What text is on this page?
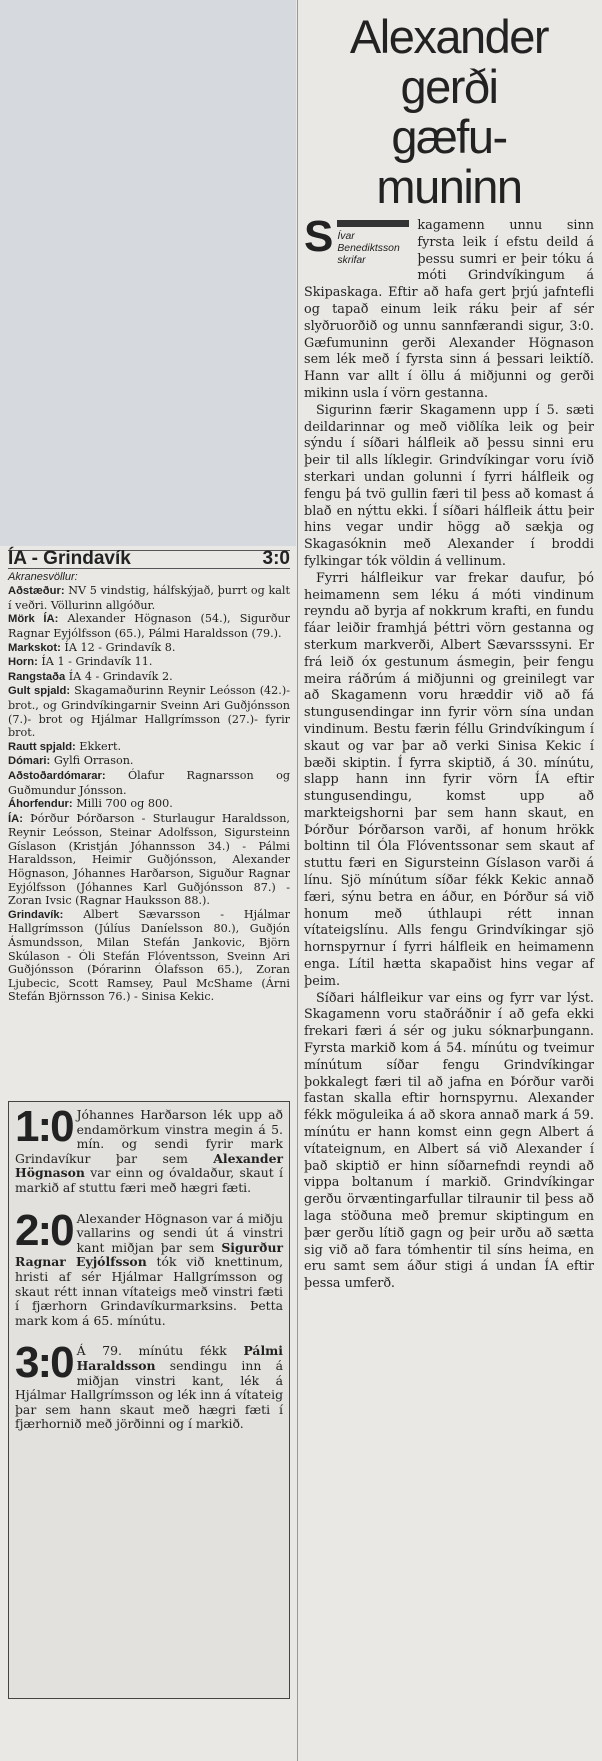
ÍA - Grindavík	3:0
Akranesvöllur:

Aðstæður: NV 5 vindstig, hálfskýjað, þurrt og kalt í veðri. Völlurinn allgóður.

Mörk ÍA: Alexander Högnason (54.), Sigurður Ragnar Eyjólfsson (65.), Pálmi Haraldsson (79.).

Markskot: ÍA 12 - Grindavík 8.

Horn: ÍA 1 - Grindavík 11.

Rangstaða ÍA 4 - Grindavík 2.

Gult spjald: Skagamaðurinn Reynir Leósson (42.)-brot., og Grindvíkingarnir Sveinn Ari Guðjónsson (7.)- brot og Hjálmar Hallgrímsson (27.)- fyrir brot.

Rautt spjald: Ekkert.

Dómari: Gylfi Orrason.

Aðstoðardómarar: Ólafur Ragnarsson og Guðmundur Jónsson.

Áhorfendur: Milli 700 og 800.

ÍA: Þórður Þórðarson - Sturlaugur Haraldsson, Reynir Leósson, Steinar Adolfsson, Sigursteinn Gíslason (Kristján Jóhannsson 34.) - Pálmi Haraldsson, Heimir Guðjónsson, Alexander Högnason, Jóhannes Harðarson, Siguður Ragnar Eyjólfsson (Jóhannes Karl Guðjónsson 87.) - Zoran Ivsic (Ragnar Hauksson 88.).

Grindavík: Albert Sævarsson - Hjálmar Hallgrímsson (Júlíus Daníelsson 80.), Guðjón Ásmundsson, Milan Stefán Jankovic, Björn Skúlason - Óli Stefán Flóventsson, Sveinn Ari Guðjónsson (Þórarinn Ólafsson 65.), Zoran Ljubecic, Scott Ramsey, Paul McShame (Árni Stefán Björnsson 76.) - Sinisa Kekic.

1:0 Jóhannes Harðarson lék upp að endamörkum vinstra megin á 5. mín. og sendi fyrir mark Grindavíkur þar sem Alexander Högnason var einn og óvaldaður, skaut í markið af stuttu færi með hægri fæti.

2:0 Alexander Högnason var á miðju vallarins og sendi út á vinstri kant miðjan þar sem Sigurður Ragnar Eyjólfsson tók við knettinum, hristi af sér Hjálmar Hallgrímsson og skaut rétt innan vítateigs með vinstri fæti í fjærhorn Grindavíkurmarksins. Þetta mark kom á 65. mínútu.

3:0 Á 79. mínútu fékk Pálmi Haraldsson sendingu inn á miðjan vinstri kant, lék á Hjálmar Hallgrímsson og lék inn á vítateig þar sem hann skaut með hægri fæti í fjærhornið með jörðinni og í markið.

Alexander
gerði
gæfu-
muninn
S Ívar Benediktsson
skrifar
kagamenn unnu sinn fyrsta leik í efstu deild á þessu sumri er þeir tóku á móti Grindvíkingum á Skipaskaga. Eftir að hafa gert þrjú jafntefli og tapað einum leik ráku þeir af sér slyðruorðið og unnu sannfærandi sigur, 3:0. Gæfumuninn gerði Alexander Högnason sem lék með í fyrsta sinn á þessari leiktíð. Hann var allt í öllu á miðjunni og gerði mikinn usla í vörn gestanna.

Sigurinn færir Skagamenn upp í 5. sæti deildarinnar og með viðlíka leik og þeir sýndu í síðari hálfleik að þessu sinni eru þeir til alls líklegir. Grindvíkingar voru ívið sterkari undan golunni í fyrri hálfleik og fengu þá tvö gullin færi til þess að komast á blað en nýttu ekki. Í síðari hálfleik áttu þeir hins vegar undir högg að sækja og Skagasóknin með Alexander í broddi fylkingar tók völdin á vellinum.

Fyrri hálfleikur var frekar daufur, þó heimamenn sem léku á móti vindinum reyndu að byrja af nokkrum krafti, en fundu fáar leiðir framhjá þéttri vörn gestanna og sterkum markverði, Albert Sævarsssyni. Er frá leið óx gestunum ásmegin, þeir fengu meira ráðrúm á miðjunni og greinilegt var að Skagamenn voru hræddir við að fá stungusendingar inn fyrir vörn sína undan vindinum. Bestu færin féllu Grindvíkingum í skaut og var þar að verki Sinisa Kekic í bæði skiptin. Í fyrra skiptið, á 30. mínútu, slapp hann inn fyrir vörn ÍA eftir stungusendingu, komst upp að markteigshorni þar sem hann skaut, en Þórður Þórðarson varði, af honum hrökk boltinn til Óla Flóventssonar sem skaut af stuttu færi en Sigursteinn Gíslason varði á línu. Sjö mínútum síðar fékk Kekic annað færi, sýnu betra en áður, en Þórður sá við honum með úthlaupi rétt innan vítateigslínu. Alls fengu Grindvíkingar sjö hornspyrnur í fyrri hálfleik en heimamenn enga. Lítil hætta skapaðist hins vegar af þeim.

Síðari hálfleikur var eins og fyrr var lýst. Skagamenn voru staðráðnir í að gefa ekki frekari færi á sér og juku sóknarþungann. Fyrsta markið kom á 54. mínútu og tveimur mínútum síðar fengu Grindvíkingar þokkalegt færi til að jafna en Þórður varði fastan skalla eftir hornspyrnu. Alexander fékk möguleika á að skora annað mark á 59. mínútu er hann komst einn gegn Albert á vítateignum, en Albert sá við Alexander í það skiptið er hinn síðarnefndi reyndi að vippa boltanum í markið. Grindvíkingar gerðu örvæntingarfullar tilraunir til þess að laga stöðuna með þremur skiptingum en þær gerðu lítið gagn og þeir urðu að sætta sig við að fara tómhentir til síns heima, en eru samt sem áður stigi á undan ÍA eftir þessa umferð.
